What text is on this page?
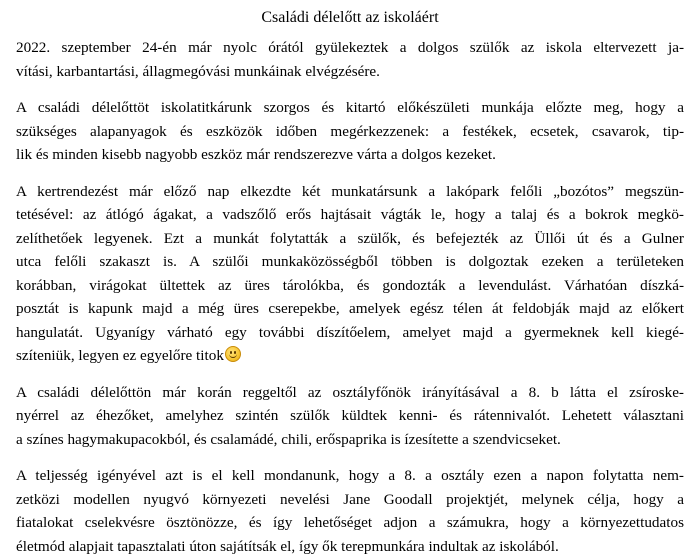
Családi délelőtt az iskoláért
2022. szeptember 24-én már nyolc órától gyülekeztek a dolgos szülők az iskola eltervezett ja-
vítási, karbantartási, állagmegóvási munkáinak elvégzésére.
A családi délelőttöt iskolatitkárunk szorgos és kitartó előkészületi munkája előzte meg, hogy a
szükséges alapanyagok és eszközök időben megérkezzenek: a festékek, ecsetek, csavarok, tip-
lik és minden kisebb nagyobb eszköz már rendszerezve várta a dolgos kezeket.
A kertrendezést már előző nap elkezdte két munkatársunk a lakópark felőli „bozótos” megszün-
tetésével: az átlógó ágakat, a vadszőlő erős hajtásait vágták le, hogy a talaj és a bokrok megkö-
zelíthetőek legyenek. Ezt a munkát folytatták a szülők, és befejezték az Üllői út és a Gulner
utca felőli szakaszt is. A szülői munkaközösségből többen is dolgoztak ezeken a területeken
korábban, virágokat ültettek az üres tárolókba, és gondozták a levendulást. Várhatóan díszká-
posztát is kapunk majd a még üres cserepekbe, amelyek egész télen át feldobják majd az előkert
hangulatát. Ugyanígy várható egy további díszítőelem, amelyet majd a gyermeknek kell kiegé-
szíteniük, legyen ez egyelőre titok
A családi délelőttön már korán reggeltől az osztályfőnök irányításával a 8. b látta el zsíroske-
nyérrel az éhezőket, amelyhez szintén szülők küldtek kenni- és rátennivalót. Lehetett választani
a színes hagymakupacokból, és csalamádé, chili, erőspaprika is ízesítette a szendvicseket.
A teljesség igényével azt is el kell mondanunk, hogy a 8. a osztály ezen a napon folytatta nem-
zetközi modellen nyugvó környezeti nevelési Jane Goodall projektjét, melynek célja, hogy a
fiatalokat cselekvésre ösztönözze, és így lehetőséget adjon a számukra, hogy a környezettudatos
életmód alapjait tapasztalati úton sajátítsák el, így ők terepmunkára indultak az iskolából.
